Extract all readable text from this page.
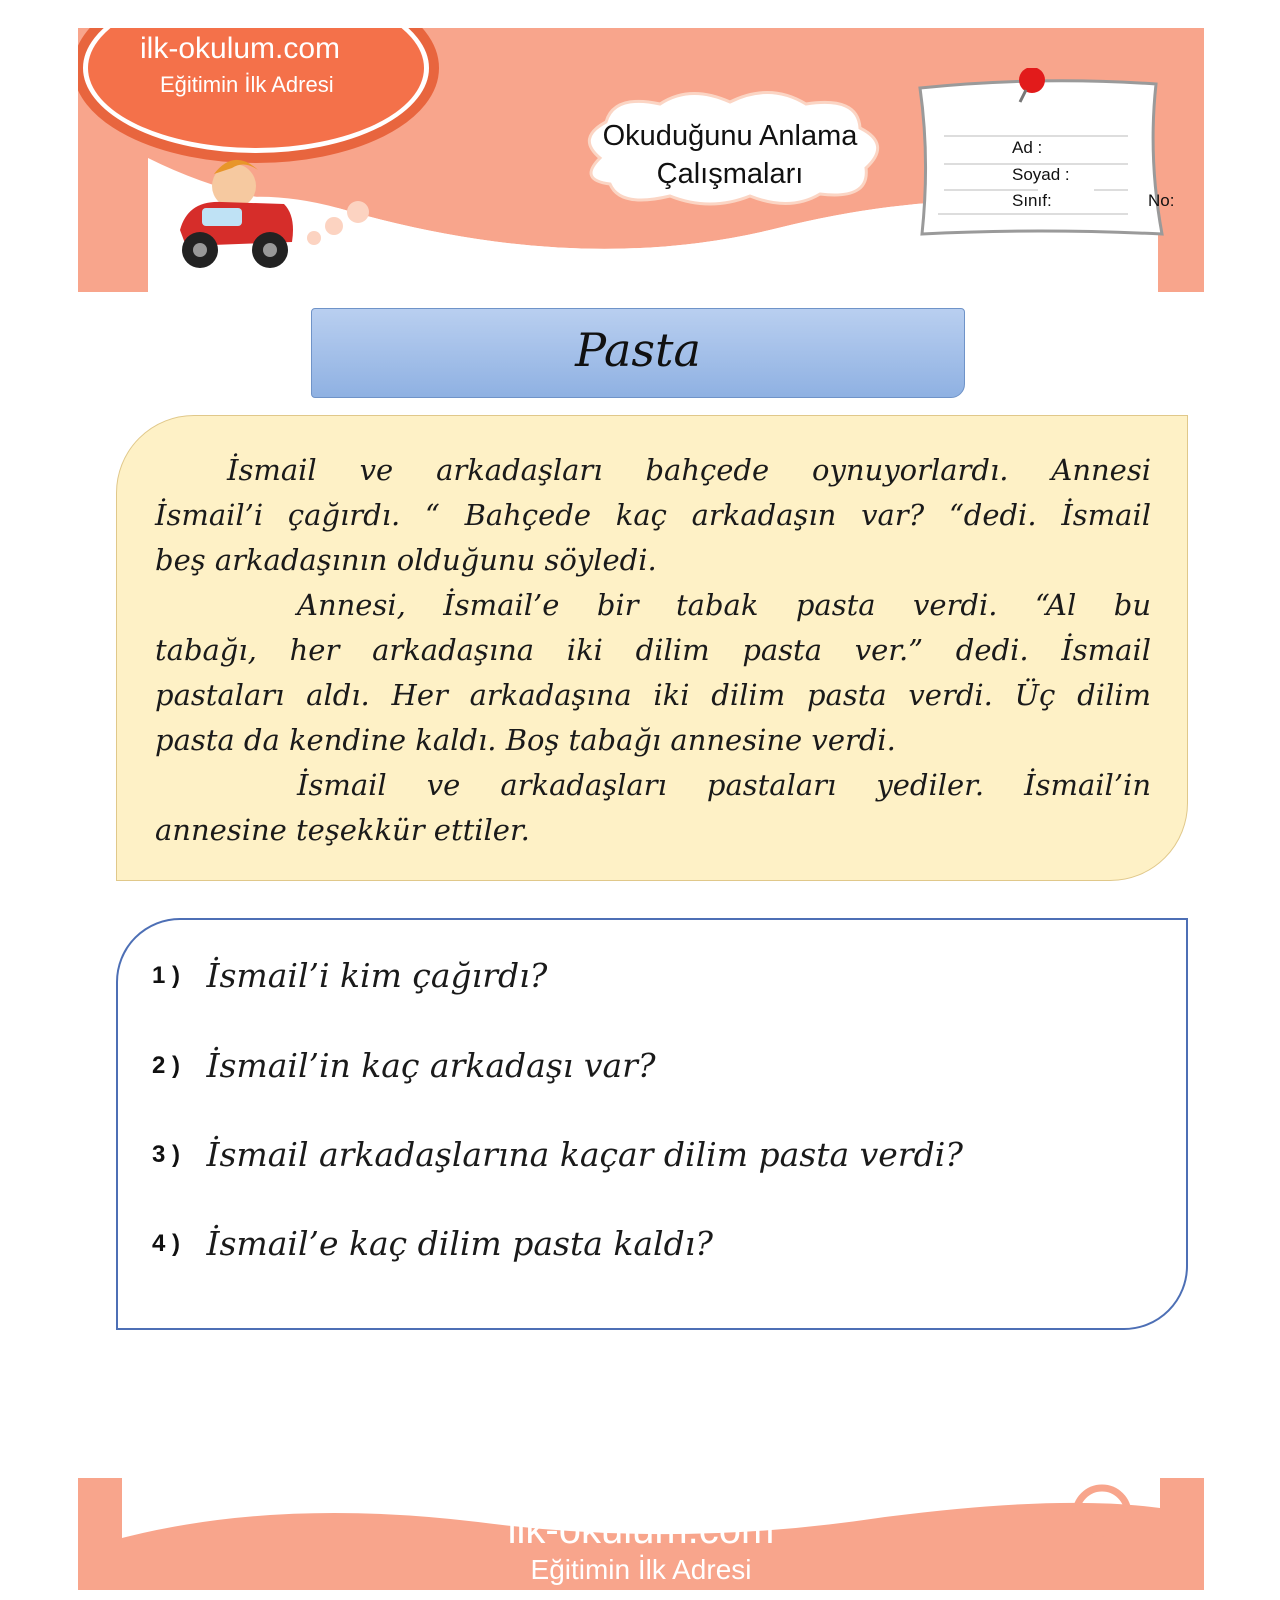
ilk-okulum.com
Eğitimin İlk Adresi
Okuduğunu Anlama
Çalışmaları
Ad :
Soyad :
Sınıf:	No:
Pasta
İsmail ve arkadaşları bahçede oynuyorlardı. Annesi
İsmail’i çağırdı. “ Bahçede kaç arkadaşın var? “dedi. İsmail
beş arkadaşının olduğunu söyledi.
Annesi, İsmail’e bir tabak pasta verdi. “Al bu
tabağı, her arkadaşına iki dilim pasta ver.” dedi. İsmail
pastaları aldı. Her arkadaşına iki dilim pasta verdi. Üç dilim
pasta da kendine kaldı. Boş tabağı annesine verdi.
İsmail ve arkadaşları pastaları yediler. İsmail’in
annesine teşekkür ettiler.
1 ) İsmail’i kim çağırdı?
2 ) İsmail’in kaç arkadaşı var?
3 ) İsmail arkadaşlarına kaçar dilim pasta verdi?
4 ) İsmail’e kaç dilim pasta kaldı?
ilk-okulum.com
Eğitimin İlk Adresi
